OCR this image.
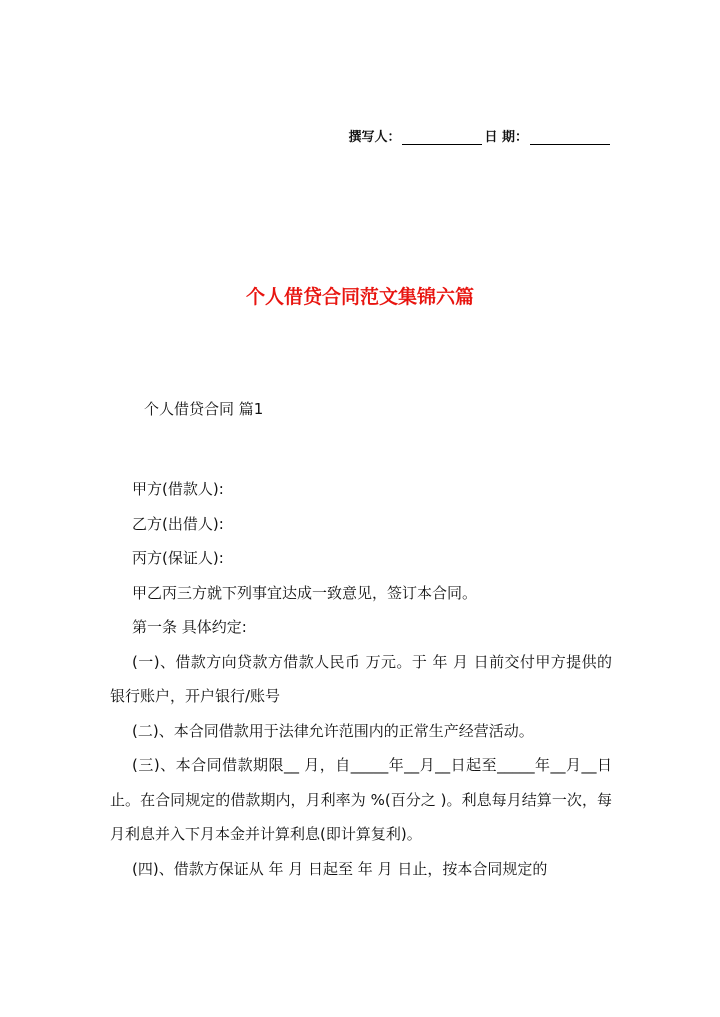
撰写人：	日 期：
个人借贷合同范文集锦六篇
个人借贷合同 篇1

甲方(借款人):

乙方(出借人):

丙方(保证人):

甲乙丙三方就下列事宜达成一致意见，签订本合同。

第一条 具体约定:

(一)、借款方向贷款方借款人民币 万元。于 年 月 日前交付甲方提供的银行账户，开户银行/账号

(二)、本合同借款用于法律允许范围内的正常生产经营活动。

(三)、本合同借款期限__ 月，自_____年__月__日起至_____年__月__日止。在合同规定的借款期内，月利率为 %(百分之 )。利息每月结算一次，每月利息并入下月本金并计算利息(即计算复利)。

(四)、借款方保证从 年 月 日起至 年 月 日止，按本合同规定的
